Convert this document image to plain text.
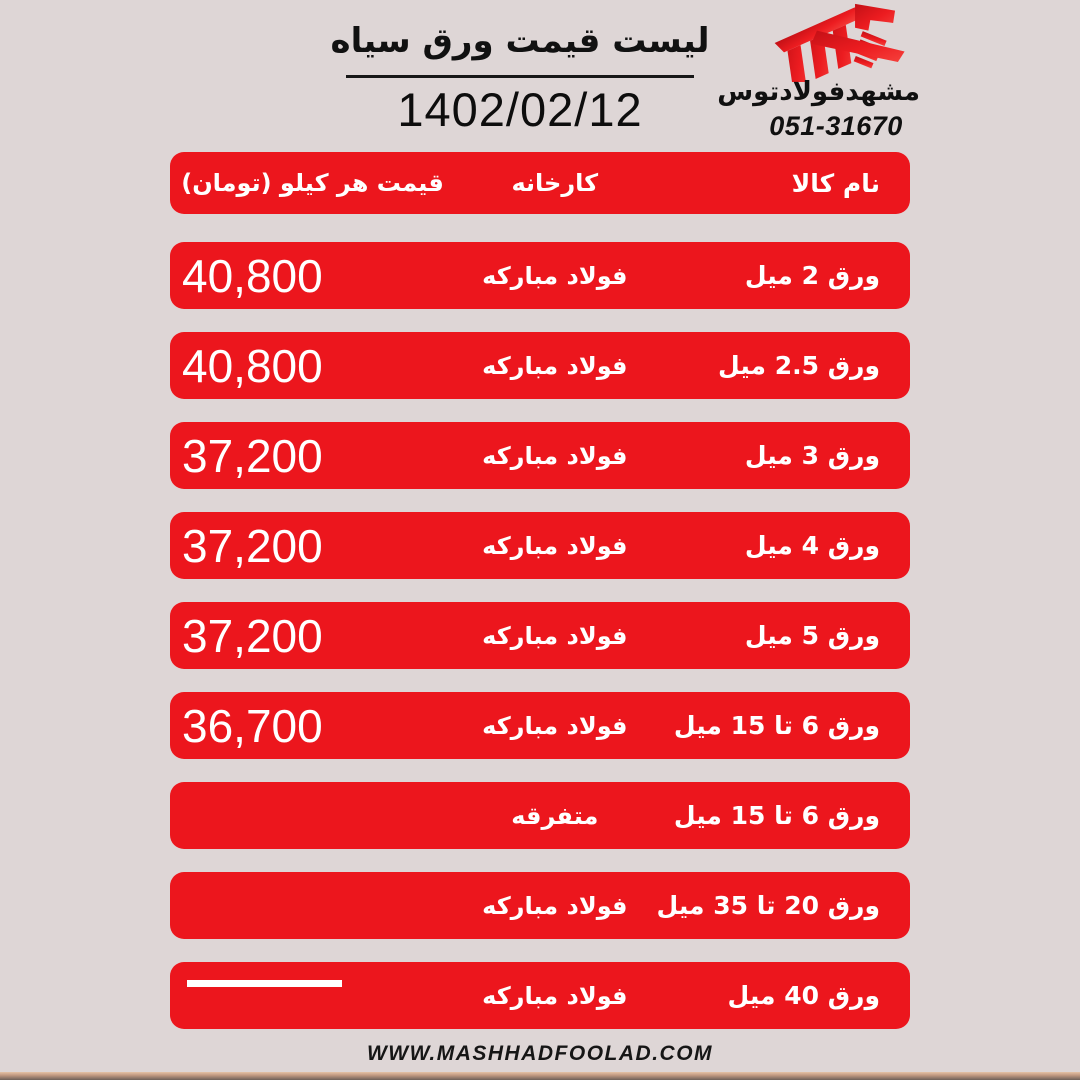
لیست قیمت ورق سیاه
1402/02/12	مشهدفولادتوس
051-31670
نام کالا
کارخانه
قیمت هر کیلو (تومان)
ورق 2 میل
فولاد مبارکه
40,800
ورق 2.5 میل
فولاد مبارکه
40,800
ورق 3 میل
فولاد مبارکه
37,200
ورق 4 میل
فولاد مبارکه
37,200
ورق 5 میل
فولاد مبارکه
37,200
ورق 6 تا 15 میل
فولاد مبارکه
36,700
ورق 6 تا 15 میل
متفرقه
ورق 20 تا 35 میل
فولاد مبارکه
ورق 40 میل
فولاد مبارکه
WWW.MASHHADFOOLAD.COM
